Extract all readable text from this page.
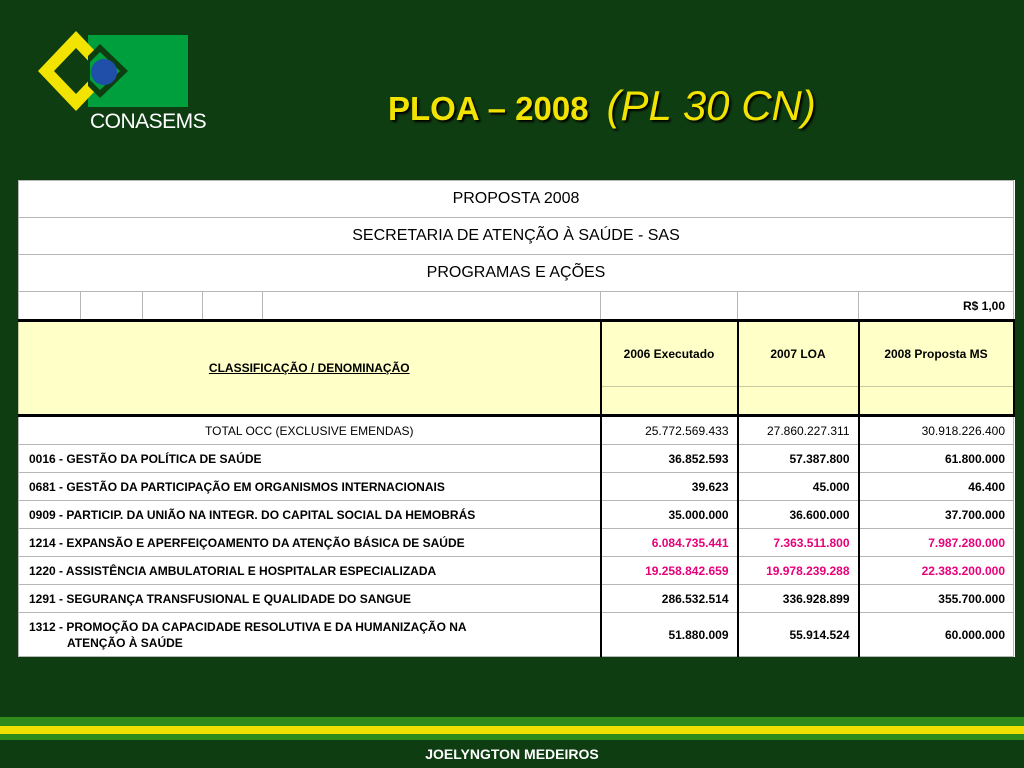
CONASEMS	PLOA – 2008 (PL 30 CN)
PROPOSTA 2008							
SECRETARIA DE ATENÇÃO À SAÚDE - SAS							
PROGRAMAS E AÇÕES							
							R$ 1,00
CLASSIFICAÇÃO / DENOMINAÇÃO					2006 Executado	2007 LOA	2008 Proposta MS

TOTAL OCC (EXCLUSIVE EMENDAS)					25.772.569.433	27.860.227.311	30.918.226.400
0016 - GESTÃO DA POLÍTICA DE SAÚDE					36.852.593	57.387.800	61.800.000
0681 - GESTÃO DA PARTICIPAÇÃO EM ORGANISMOS INTERNACIONAIS					39.623	45.000	46.400
0909 - PARTICIP. DA UNIÃO NA INTEGR. DO CAPITAL SOCIAL DA HEMOBRÁS					35.000.000	36.600.000	37.700.000
1214 - EXPANSÃO E APERFEIÇOAMENTO DA ATENÇÃO BÁSICA DE SAÚDE					6.084.735.441	7.363.511.800	7.987.280.000
1220 - ASSISTÊNCIA AMBULATORIAL E HOSPITALAR ESPECIALIZADA					19.258.842.659	19.978.239.288	22.383.200.000
1291 - SEGURANÇA TRANSFUSIONAL E QUALIDADE DO SANGUE					286.532.514	336.928.899	355.700.000
1312 - PROMOÇÃO DA CAPACIDADE RESOLUTIVA E DA HUMANIZAÇÃO NA
ATENÇÃO À SAÚDE					51.880.009	55.914.524	60.000.000
JOELYNGTON MEDEIROS
